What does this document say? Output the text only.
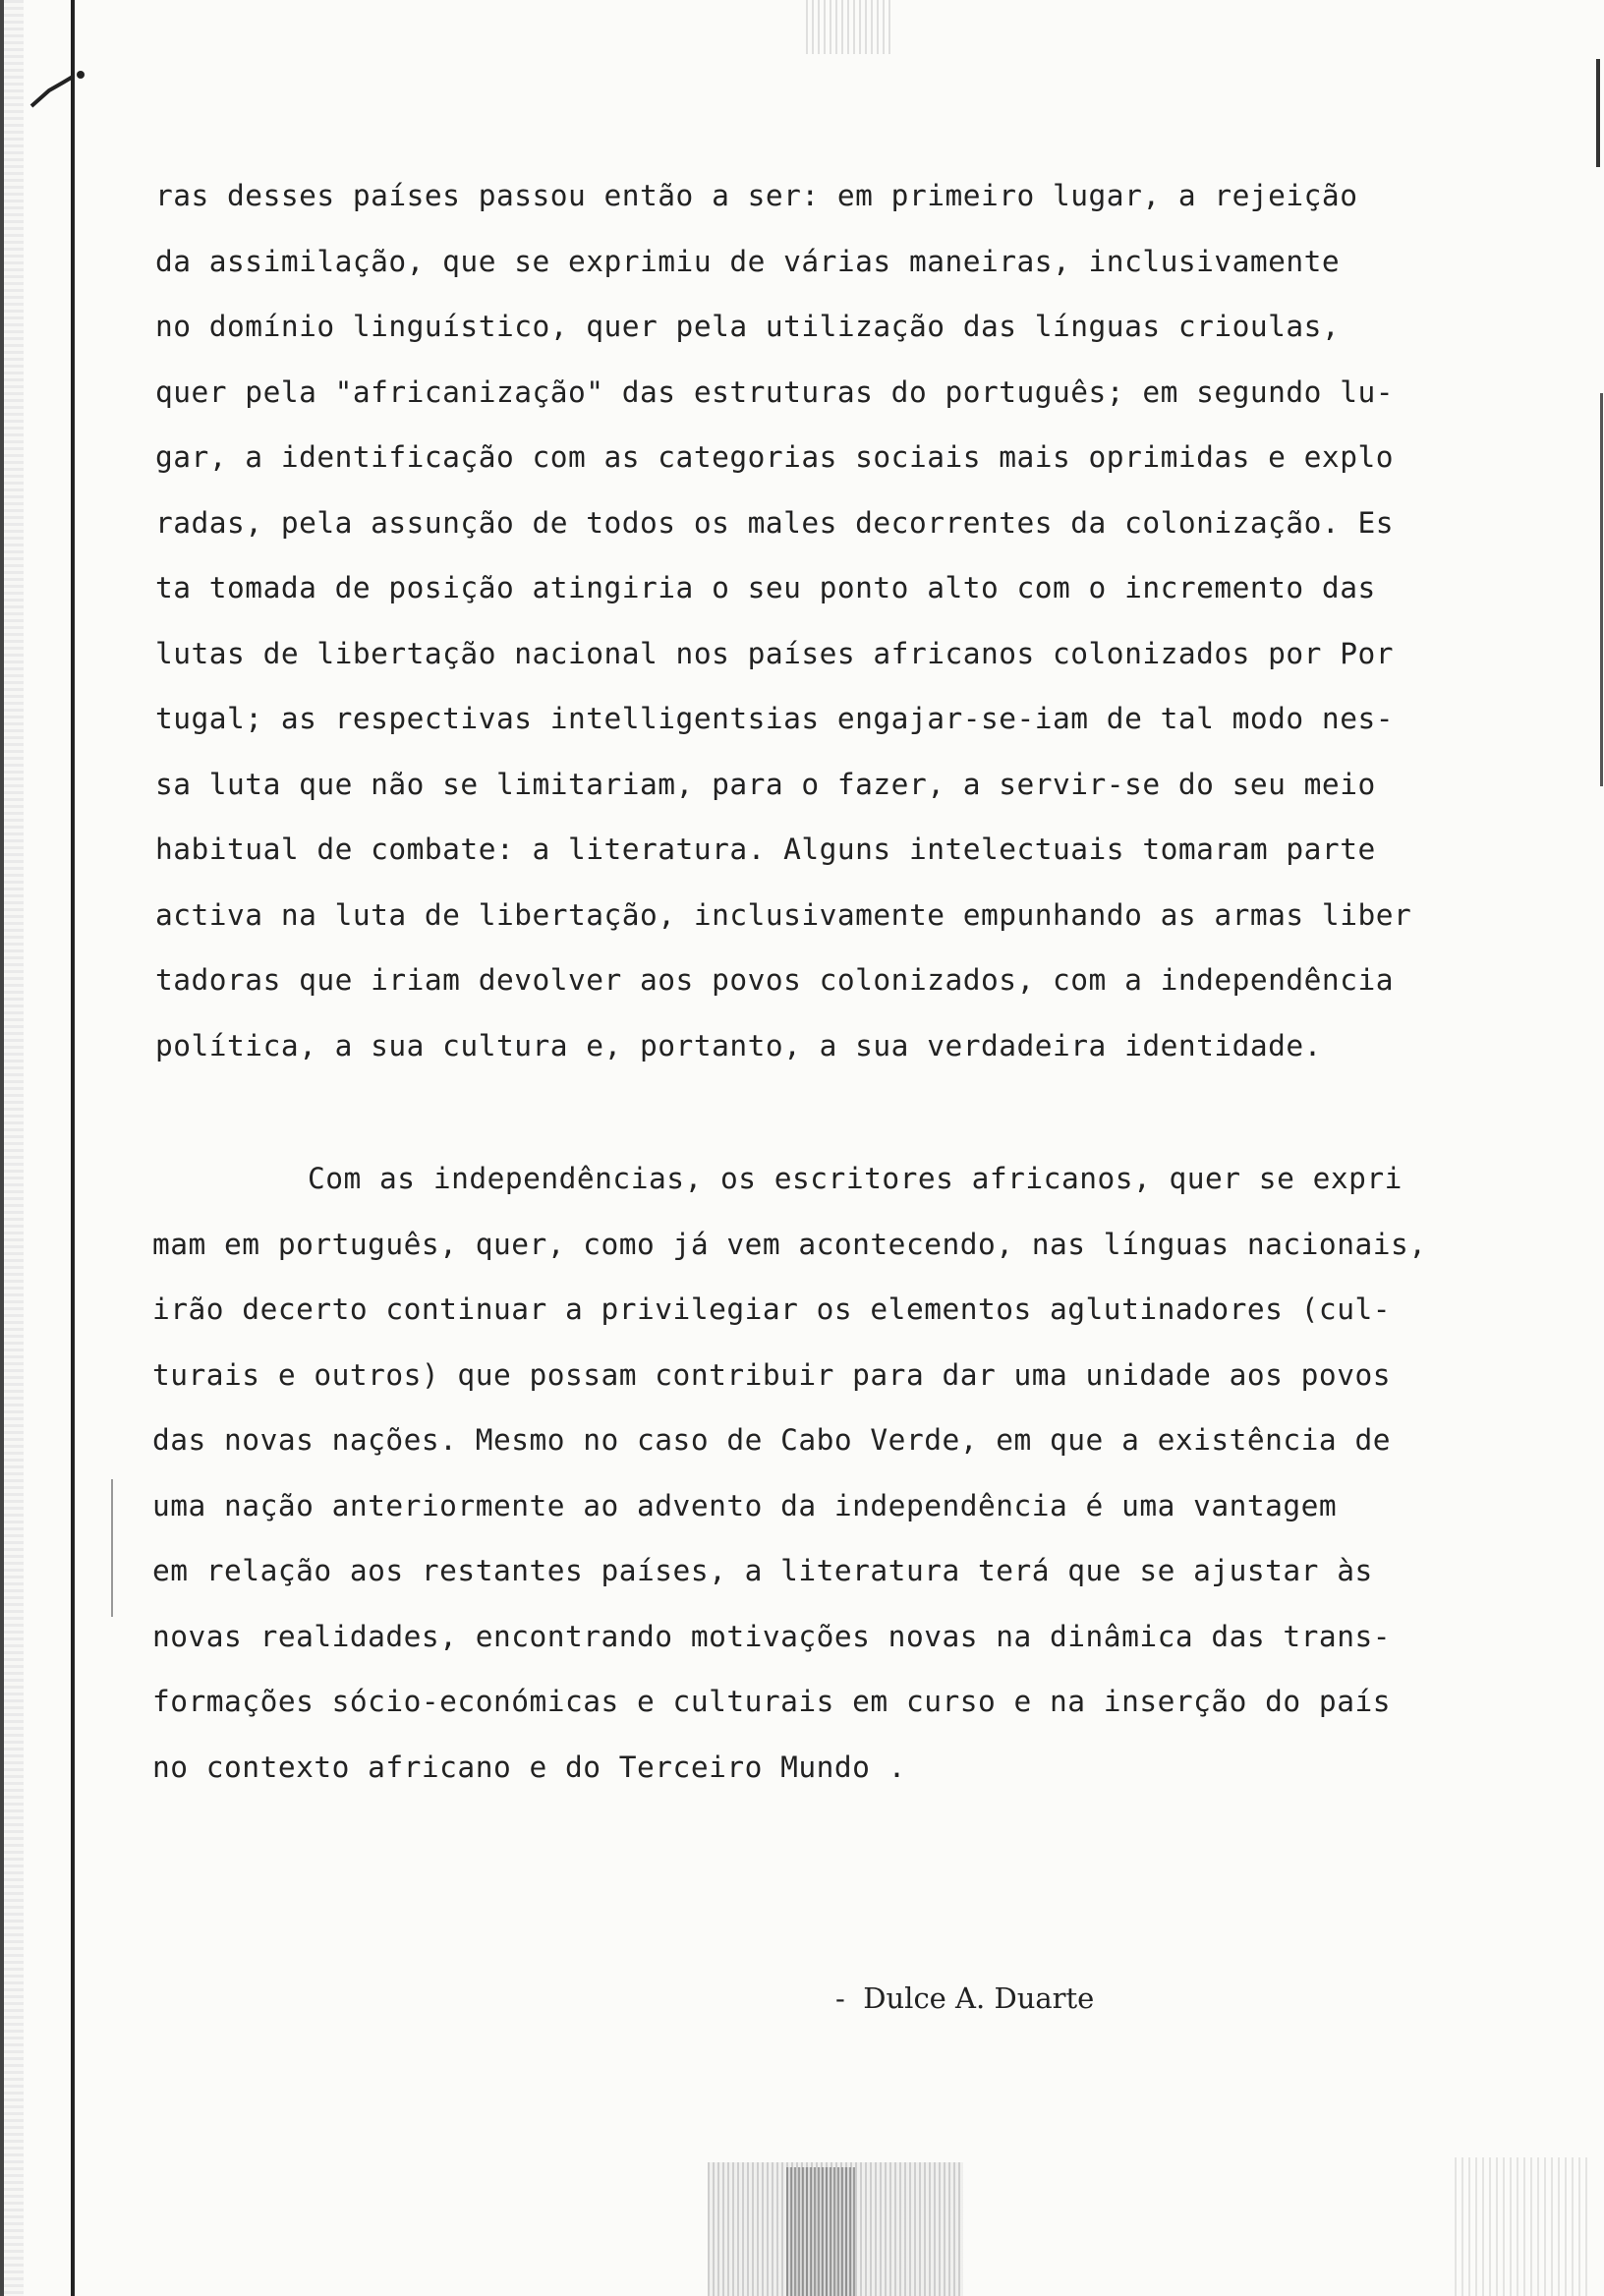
ras desses países passou então a ser: em primeiro lugar, a rejeição
da assimilação, que se exprimiu de várias maneiras, inclusivamente
no domínio linguístico, quer pela utilização das línguas crioulas,
quer pela "africanização" das estruturas do português; em segundo lu-
gar, a identificação com as categorias sociais mais oprimidas e explo
radas, pela assunção de todos os males decorrentes da colonização. Es
ta tomada de posição atingiria o seu ponto alto com o incremento das
lutas de libertação nacional nos países africanos colonizados por Por
tugal; as respectivas intelligentsias engajar-se-iam de tal modo nes-
sa luta que não se limitariam, para o fazer, a servir-se do seu meio
habitual de combate: a literatura. Alguns intelectuais tomaram parte
activa na luta de libertação, inclusivamente empunhando as armas liber
tadoras que iriam devolver aos povos colonizados, com a independência
política, a sua cultura e, portanto, a sua verdadeira identidade.
Com as independências, os escritores africanos, quer se expri
mam em português, quer, como já vem acontecendo, nas línguas nacionais,
irão decerto continuar a privilegiar os elementos aglutinadores (cul-
turais e outros) que possam contribuir para dar uma unidade aos povos
das novas nações. Mesmo no caso de Cabo Verde, em que a existência de
uma nação anteriormente ao advento da independência é uma vantagem
em relação aos restantes países, a literatura terá que se ajustar às
novas realidades, encontrando motivações novas na dinâmica das trans-
formações sócio-económicas e culturais em curso e na inserção do país
no contexto africano e do Terceiro Mundo .
-  Dulce A. Duarte
